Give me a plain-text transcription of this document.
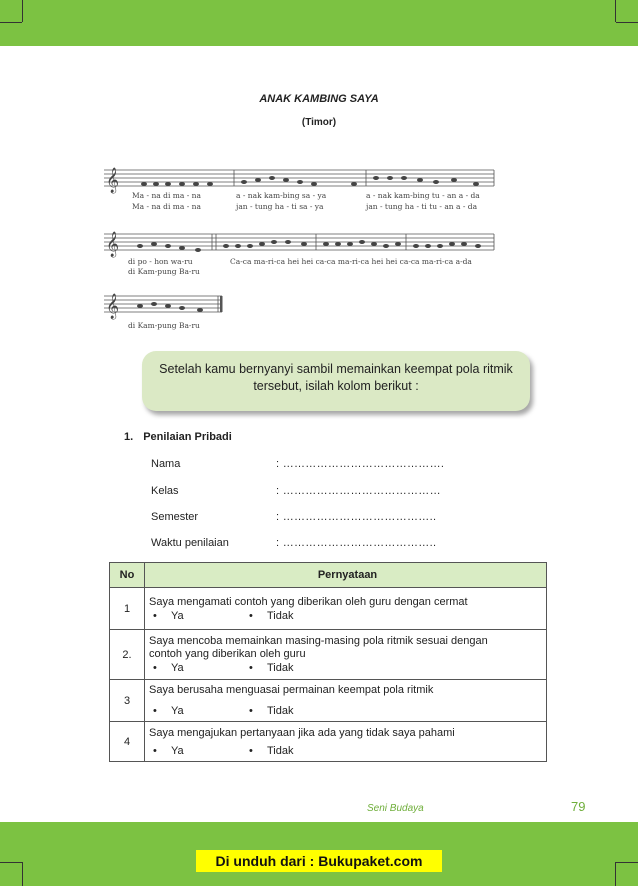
ANAK KAMBING SAYA
(Timor)
𝄞
𝄞
𝄞
Ma - na di ma - na	a - nak kam-bing sa - ya	a - nak kam-bing tu - an a - da
Ma - na di ma - na	jan - tung ha - ti sa - ya	jan - tung ha - ti tu - an a - da
di po - hon wa-ru
di Kam-pung Ba-ru
Ca-ca ma-ri-ca hei hei ca-ca ma-ri-ca hei hei ca-ca ma-ri-ca a-da
di Kam-pung Ba-ru
Setelah kamu bernyanyi sambil memainkan keempat pola ritmik
tersebut, isilah kolom berikut :
1. Penilaian Pribadi
Nama	: …………………………………….
Kelas	: ……………………………………
Semester	: …………………………………..
Waktu penilaian	: …………………………………..
No	Pernyataan
1	Saya mengamati contoh yang diberikan oleh guru dengan cermat
• Ya • Tidak

2.	Saya mencoba memainkan masing-masing pola ritmik sesuai dengan contoh yang diberikan oleh guru
• Ya • Tidak

3	Saya berusaha menguasai permainan keempat pola ritmik
• Ya • Tidak

4	Saya mengajukan pertanyaan jika ada yang tidak saya pahami
• Ya • Tidak
Seni Budaya	79
Di unduh dari : Bukupaket.com
